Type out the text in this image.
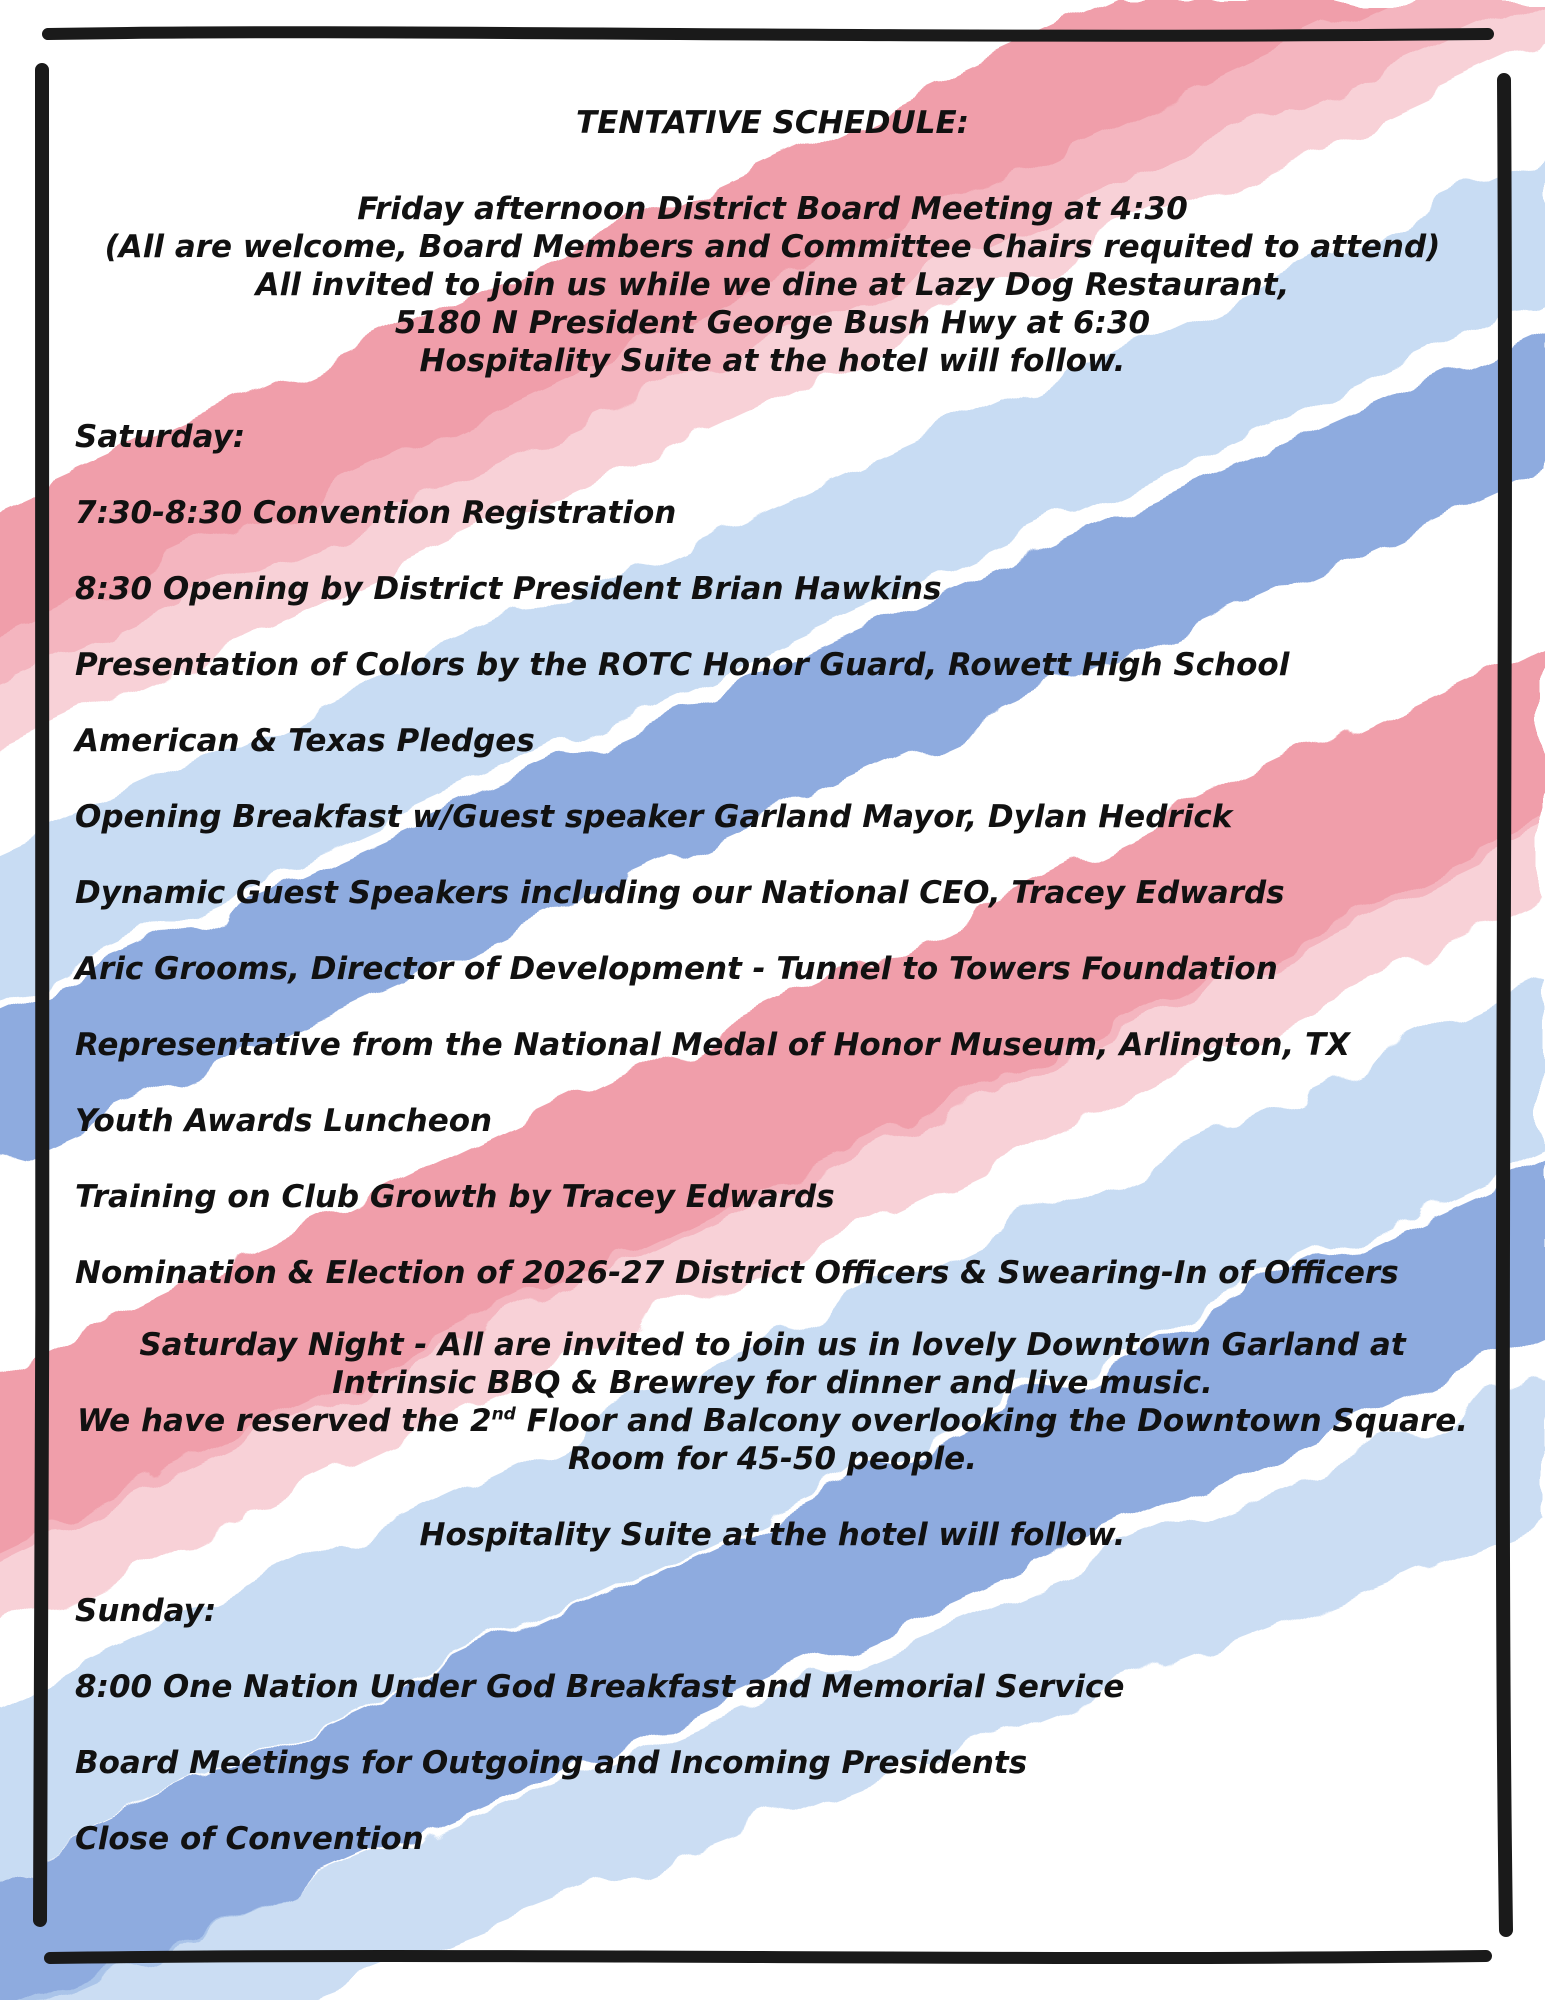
TENTATIVE SCHEDULE:
Friday afternoon District Board Meeting at 4:30
(All are welcome, Board Members and Committee Chairs requited to attend)
All invited to join us while we dine at Lazy Dog Restaurant,
5180 N President George Bush Hwy at 6:30
Hospitality Suite at the hotel will follow.
Saturday:
7:30-8:30 Convention Registration
8:30 Opening by District President Brian Hawkins
Presentation of Colors by the ROTC Honor Guard, Rowett High School
American & Texas Pledges
Opening Breakfast w/Guest speaker Garland Mayor, Dylan Hedrick
Dynamic Guest Speakers including our National CEO, Tracey Edwards
Aric Grooms, Director of Development - Tunnel to Towers Foundation
Representative from the National Medal of Honor Museum, Arlington, TX
Youth Awards Luncheon
Training on Club Growth by Tracey Edwards
Nomination & Election of 2026-27 District Officers & Swearing-In of Officers
Saturday Night - All are invited to join us in lovely Downtown Garland at
Intrinsic BBQ & Brewrey for dinner and live music.
We have reserved the 2nd Floor and Balcony overlooking the Downtown Square.
Room for 45-50 people.
Hospitality Suite at the hotel will follow.
Sunday:
8:00 One Nation Under God Breakfast and Memorial Service
Board Meetings for Outgoing and Incoming Presidents
Close of Convention
